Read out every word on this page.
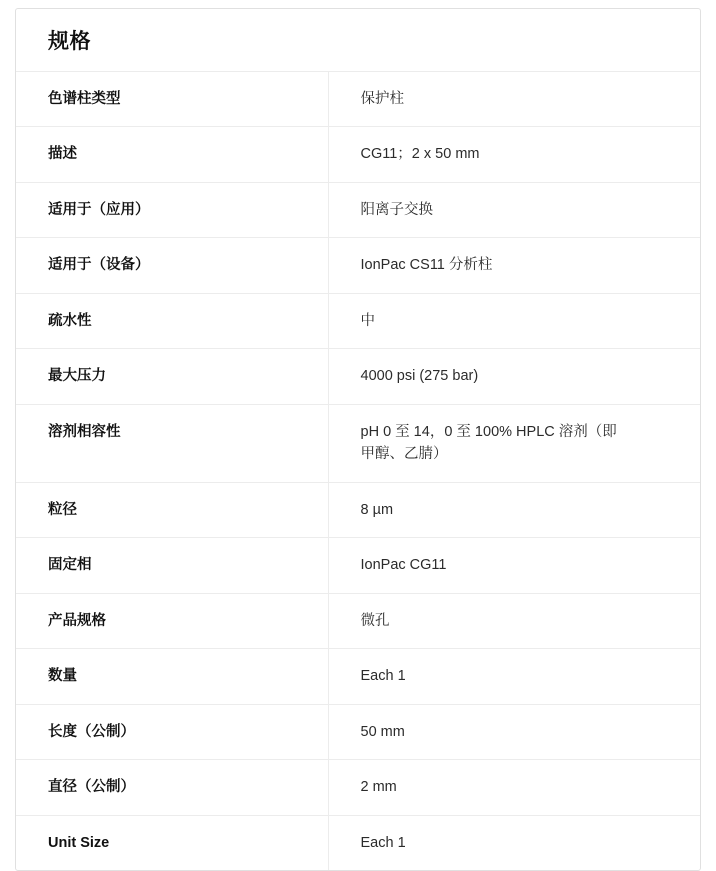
规格
色谱柱类型	保护柱

描述	CG11；2 x 50 mm

适用于（应用）	阳离子交换

适用于（设备）	IonPac CS11 分析柱

疏水性	中

最大压力	4000 psi (275 bar)

溶剂相容性	pH 0 至 14，0 至 100% HPLC 溶剂（即 甲醇、乙腈）

粒径	8 µm

固定相	IonPac CG11

产品规格	微孔

数量	Each 1

长度（公制）	50 mm

直径（公制）	2 mm

Unit Size	Each 1
